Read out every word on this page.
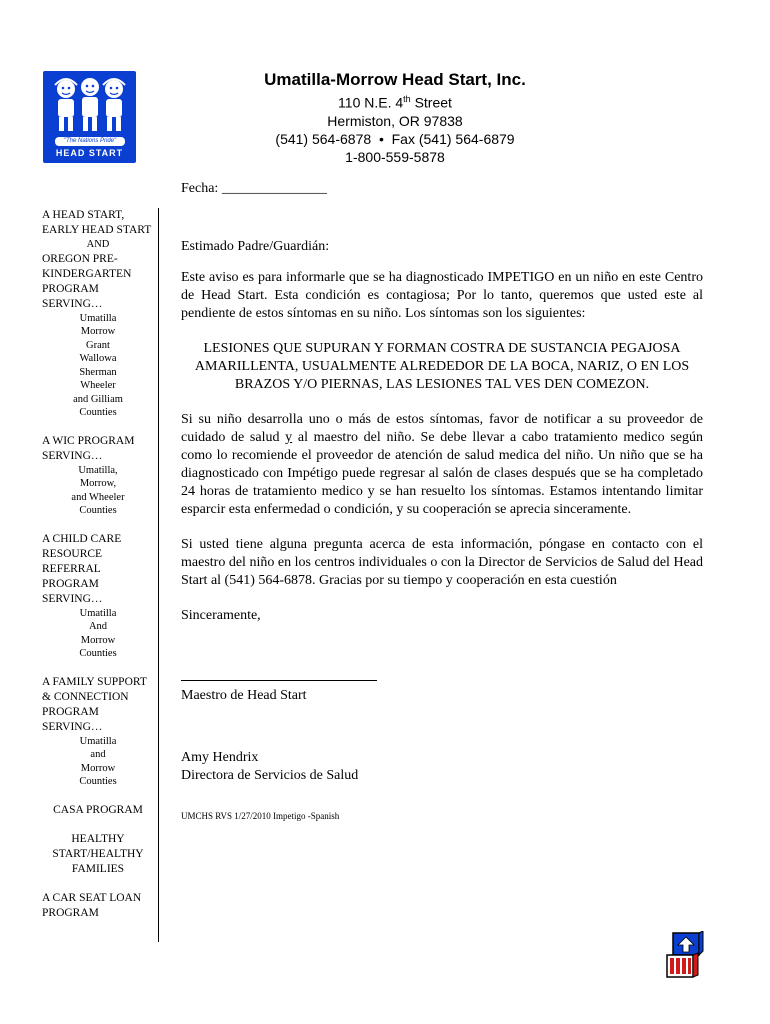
"The Nations Pride"
HEAD START
Umatilla-Morrow Head Start, Inc.
110 N.E. 4th Street
Hermiston, OR 97838
(541) 564-6878 • Fax (541) 564-6879
1-800-559-5878
A HEAD START, EARLY HEAD START
AND
OREGON PRE-KINDERGARTEN PROGRAM SERVING…
Umatilla
Morrow
Grant
Wallowa
Sherman
Wheeler
and Gilliam
Counties
A WIC PROGRAM SERVING…
Umatilla,
Morrow,
and Wheeler
Counties
A CHILD CARE RESOURCE REFERRAL PROGRAM SERVING…
Umatilla
And
Morrow
Counties
A FAMILY SUPPORT & CONNECTION PROGRAM SERVING…
Umatilla
and
Morrow
Counties
CASA PROGRAM
HEALTHY START/HEALTHY FAMILIES
A CAR SEAT LOAN PROGRAM

Fecha: _______________

Estimado Padre/Guardián:

Este aviso es para informarle que se ha diagnosticado IMPETIGO en un niño en este Centro de Head Start. Esta condición es contagiosa; Por lo tanto, queremos que usted este al pendiente de estos síntomas en su niño. Los síntomas son los siguientes:

LESIONES QUE SUPURAN Y FORMAN COSTRA DE SUSTANCIA PEGAJOSA AMARILLENTA, USUALMENTE ALREDEDOR DE LA BOCA, NARIZ, O EN LOS BRAZOS Y/O PIERNAS, LAS LESIONES TAL VES DEN COMEZON.

Si su niño desarrolla uno o más de estos síntomas, favor de notificar a su proveedor de cuidado de salud y al maestro del niño. Se debe llevar a cabo tratamiento medico según como lo recomiende el proveedor de atención de salud medica del niño. Un niño que se ha diagnosticado con Impétigo puede regresar al salón de clases después que se ha completado 24 horas de tratamiento medico y se han resuelto los síntomas. Estamos intentando limitar esparcir esta enfermedad o condición, y su cooperación se aprecia sinceramente.

Si usted tiene alguna pregunta acerca de esta información, póngase en contacto con el maestro del niño en los centros individuales o con la Director de Servicios de Salud del Head Start al (541) 564-6878. Gracias por su tiempo y cooperación en esta cuestión

Sinceramente,

Maestro de Head Start

Amy Hendrix

Directora de Servicios de Salud

UMCHS RVS 1/27/2010 Impetigo -Spanish
